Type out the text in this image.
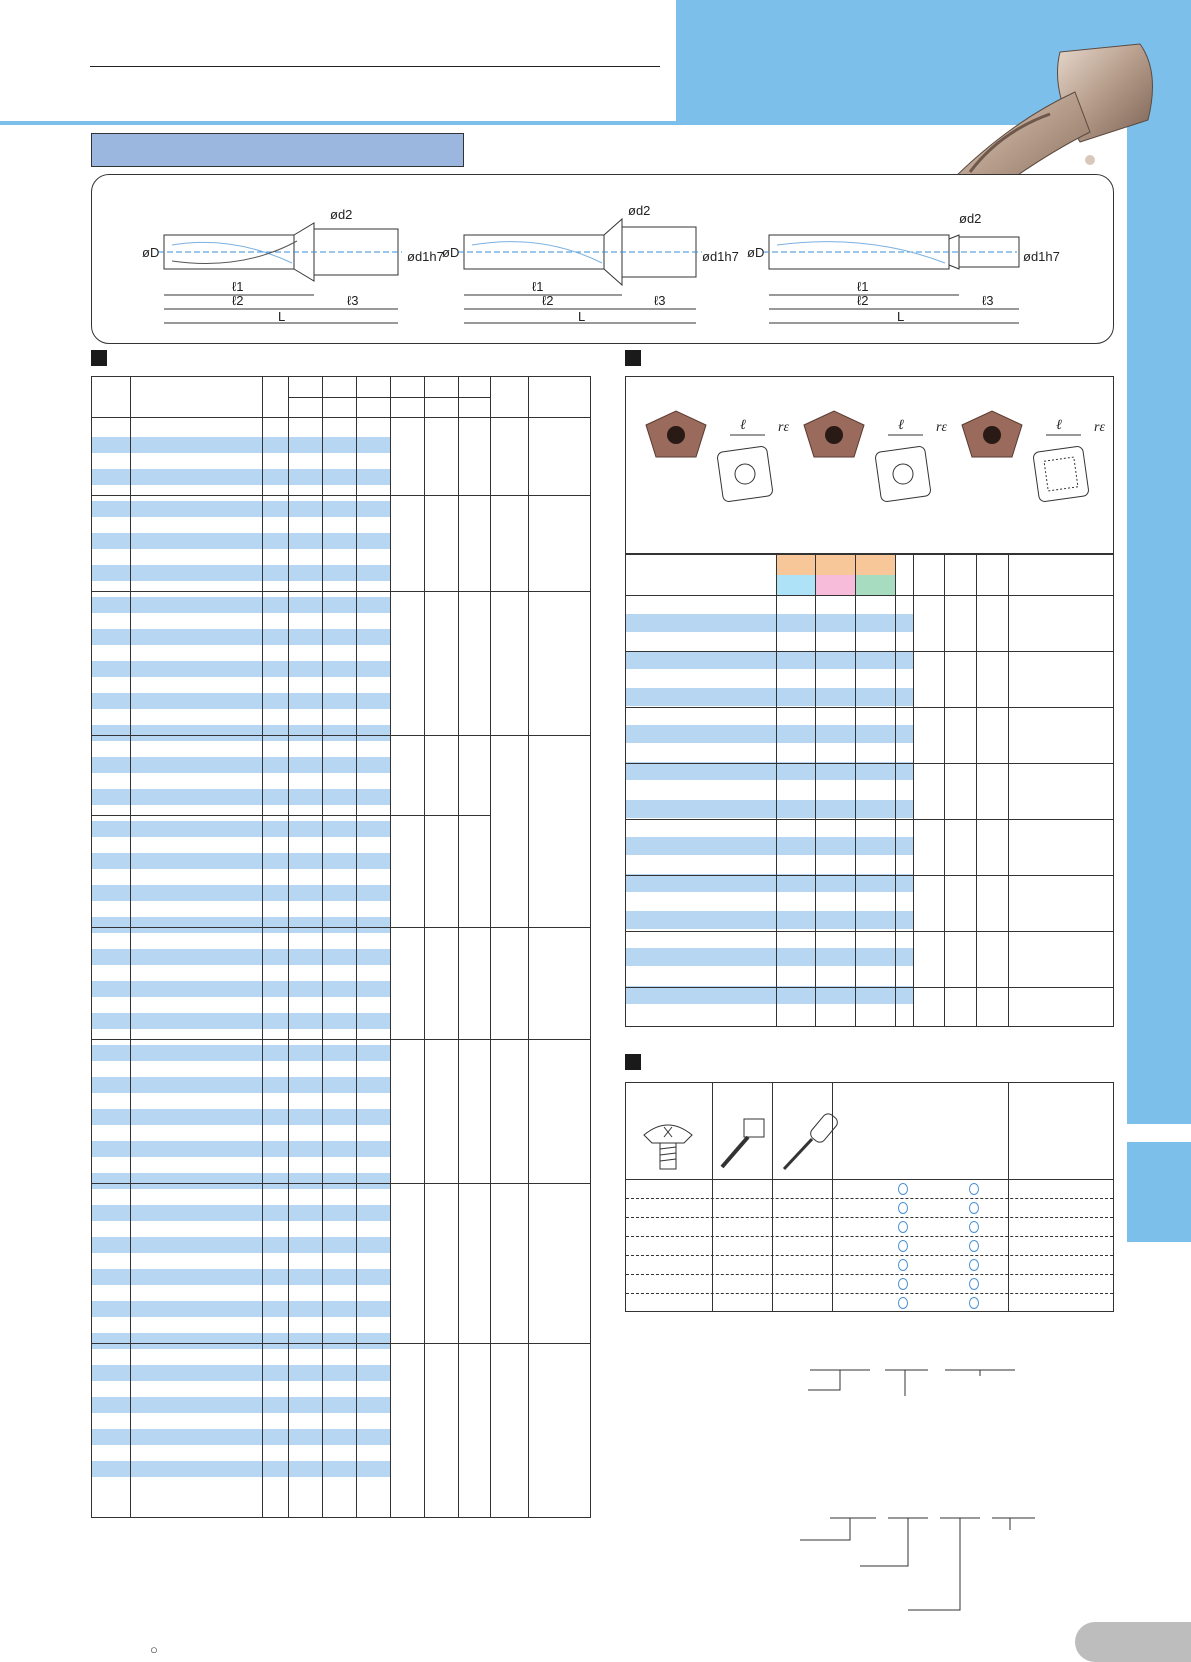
øD
ød2
ød1h7
ℓ1
ℓ2	ℓ3
L
øD
ød2
ød1h7
ℓ1
ℓ2	ℓ3
L
øD
ød2
ød1h7
ℓ1
ℓ2	ℓ3
L
ℓ rε	ℓ rε	ℓ rε
○
